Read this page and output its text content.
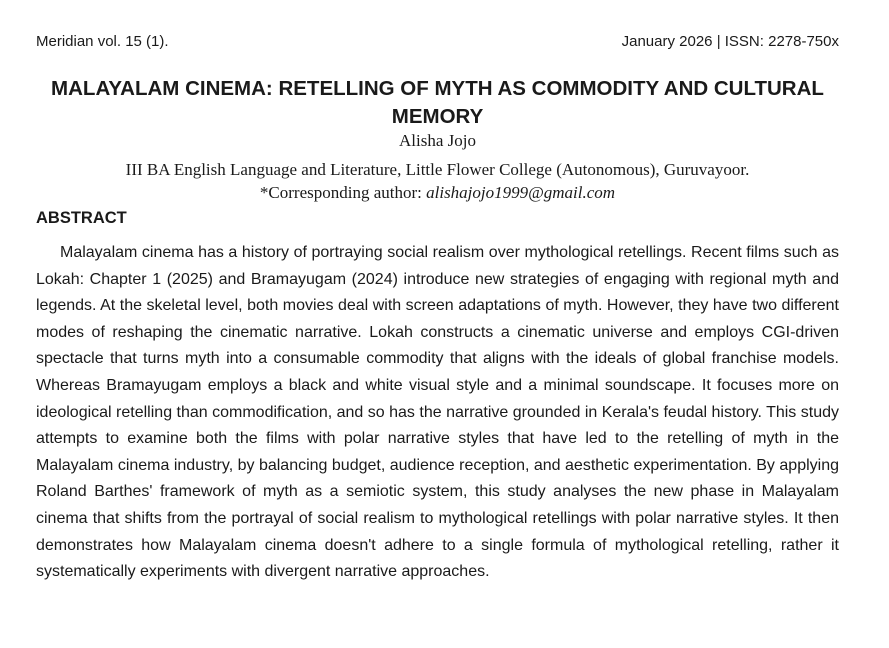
Meridian vol. 15 (1).	January 2026 | ISSN: 2278-750x
MALAYALAM CINEMA: RETELLING OF MYTH AS COMMODITY AND CULTURAL MEMORY
Alisha Jojo
III BA English Language and Literature, Little Flower College (Autonomous), Guruvayoor.
*Corresponding author: alishajojo1999@gmail.com
ABSTRACT

Malayalam cinema has a history of portraying social realism over mythological retellings. Recent films such as Lokah: Chapter 1 (2025) and Bramayugam (2024) introduce new strategies of engaging with regional myth and legends. At the skeletal level, both movies deal with screen adaptations of myth. However, they have two different modes of reshaping the cinematic narrative. Lokah constructs a cinematic universe and employs CGI-driven spectacle that turns myth into a consumable commodity that aligns with the ideals of global franchise models. Whereas Bramayugam employs a black and white visual style and a minimal soundscape. It focuses more on ideological retelling than commodification, and so has the narrative grounded in Kerala's feudal history. This study attempts to examine both the films with polar narrative styles that have led to the retelling of myth in the Malayalam cinema industry, by balancing budget, audience reception, and aesthetic experimentation. By applying Roland Barthes' framework of myth as a semiotic system, this study analyses the new phase in Malayalam cinema that shifts from the portrayal of social realism to mythological retellings with polar narrative styles. It then demonstrates how Malayalam cinema doesn't adhere to a single formula of mythological retelling, rather it systematically experiments with divergent narrative approaches.
